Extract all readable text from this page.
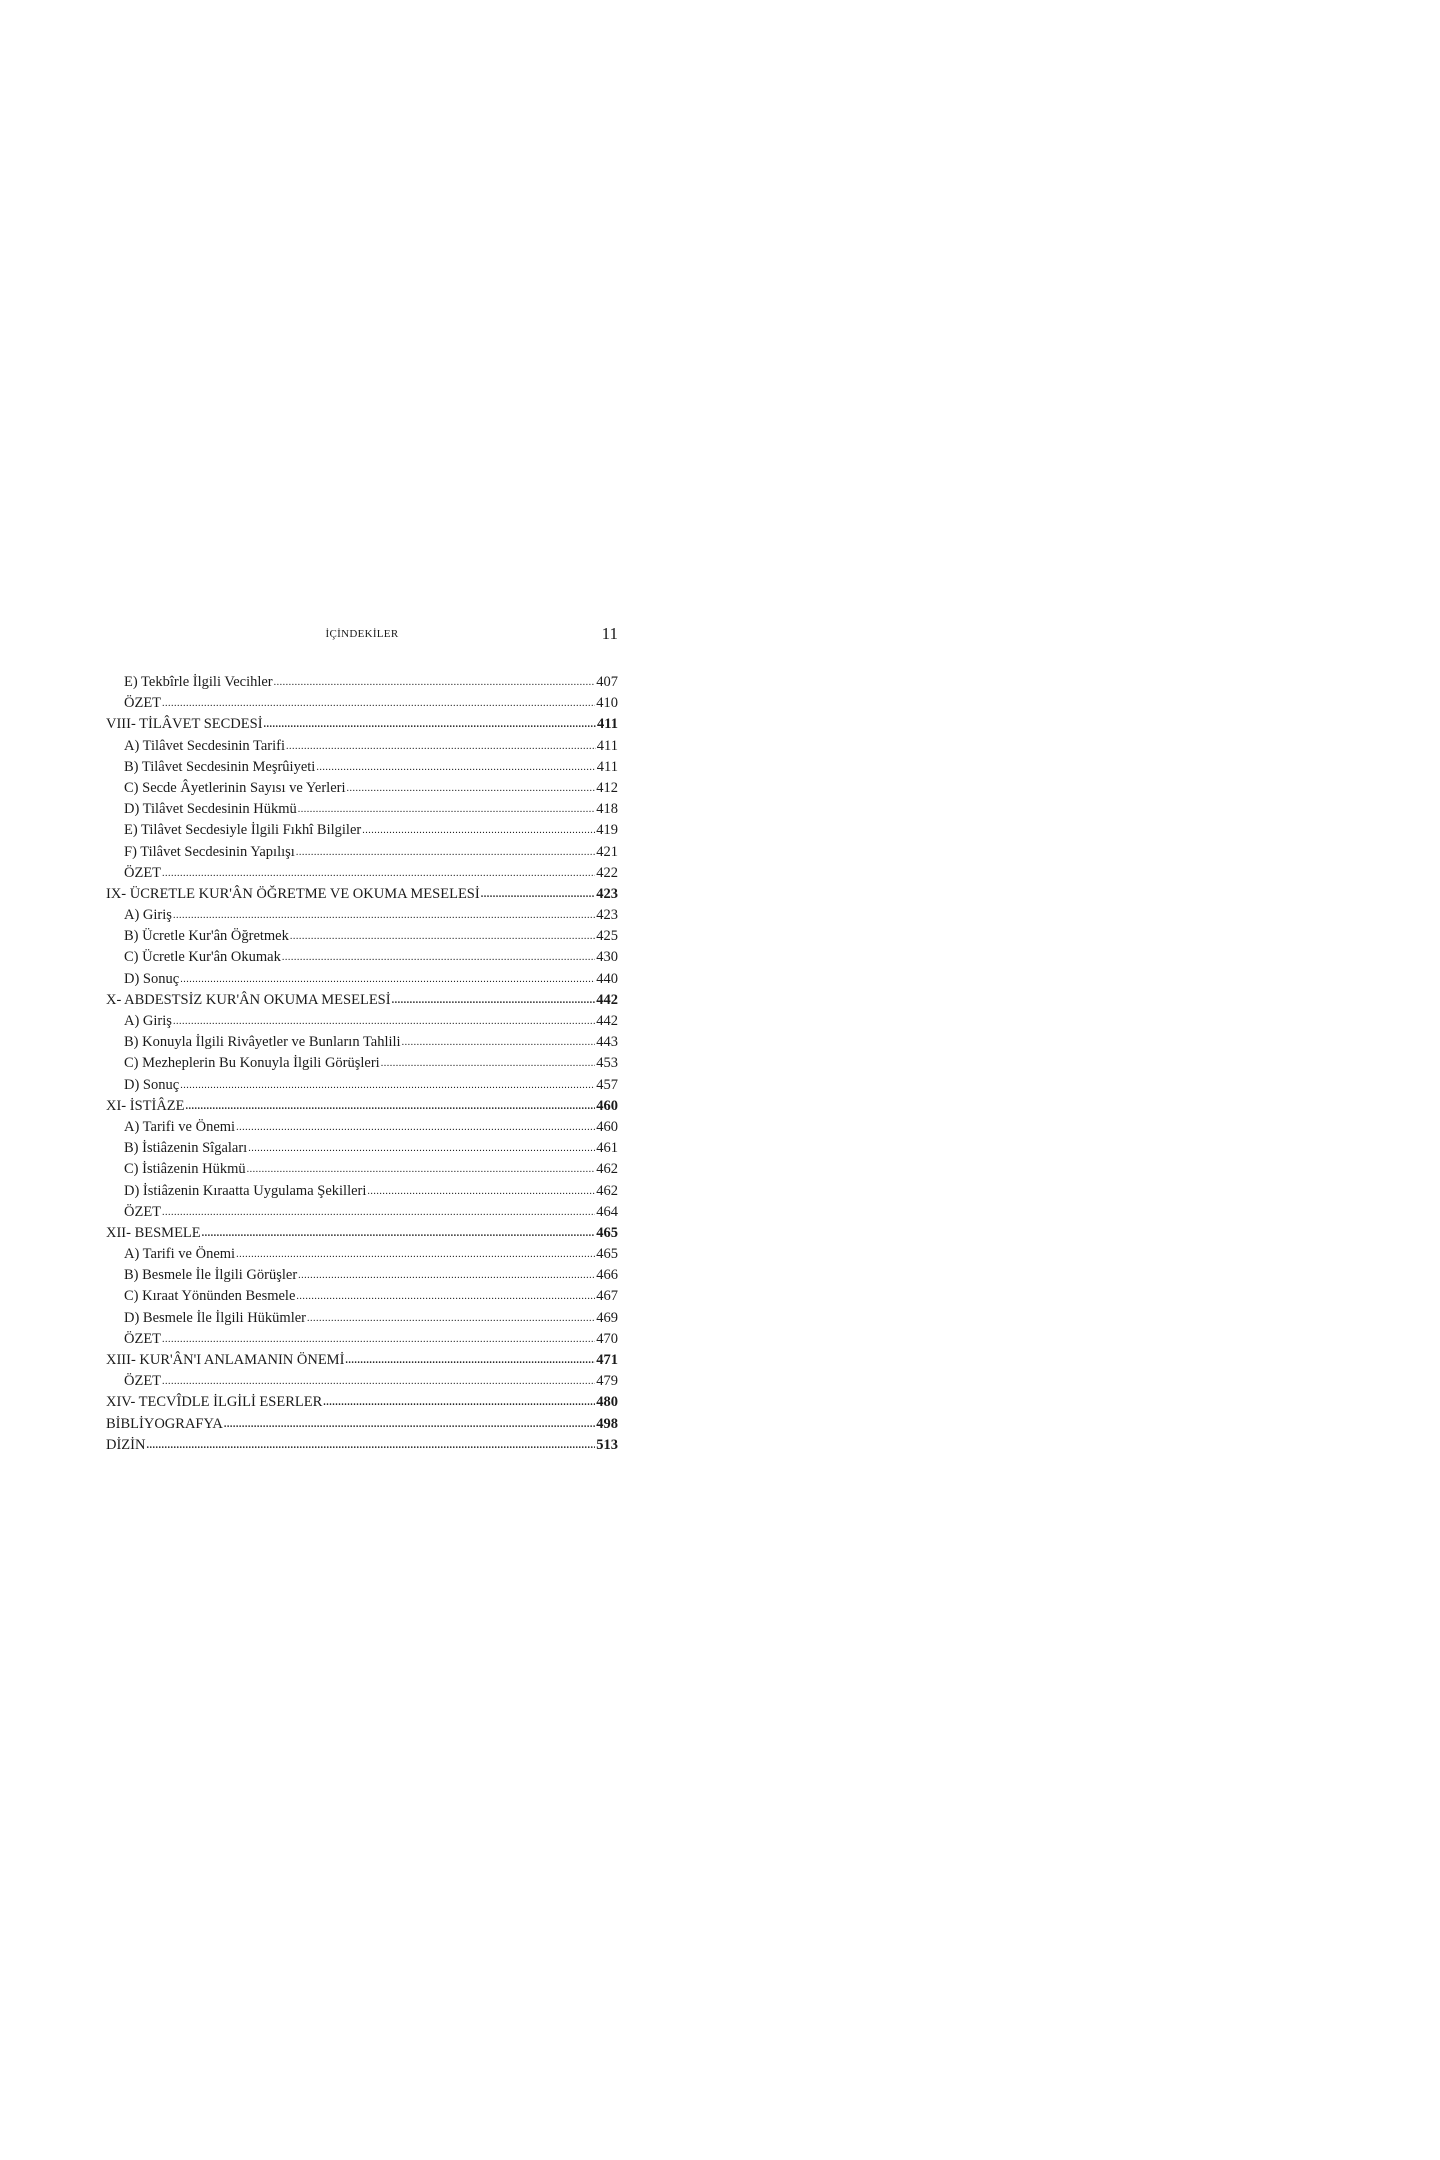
İÇİNDEKİLER	11
E) Tekbîrle İlgili Vecihler .....	407
ÖZET .....	410
VIII- TİLÂVET SECDESİ .....	411
A) Tilâvet Secdesinin Tarifi .....	411
B) Tilâvet Secdesinin Meşrûiyeti .....	411
C) Secde Âyetlerinin Sayısı ve Yerleri .....	412
D) Tilâvet Secdesinin Hükmü .....	418
E) Tilâvet Secdesiyle İlgili Fıkhî Bilgiler .....	419
F) Tilâvet Secdesinin Yapılışı .....	421
ÖZET .....	422
IX- ÜCRETLE KUR'ÂN ÖĞRETME VE OKUMA MESELESİ .....	423
A) Giriş .....	423
B) Ücretle Kur'ân Öğretmek .....	425
C) Ücretle Kur'ân Okumak .....	430
D) Sonuç .....	440
X- ABDESTSİZ KUR'ÂN OKUMA MESELESİ .....	442
A) Giriş .....	442
B) Konuyla İlgili Rivâyetler ve Bunların Tahlili .....	443
C) Mezheplerin Bu Konuyla İlgili Görüşleri .....	453
D) Sonuç .....	457
XI- İSTİÂZE .....	460
A) Tarifi ve Önemi .....	460
B) İstiâzenin Sîgaları .....	461
C) İstiâzenin Hükmü .....	462
D) İstiâzenin Kıraatta Uygulama Şekilleri .....	462
ÖZET .....	464
XII- BESMELE .....	465
A) Tarifi ve Önemi .....	465
B) Besmele İle İlgili Görüşler .....	466
C) Kıraat Yönünden Besmele .....	467
D) Besmele İle İlgili Hükümler .....	469
ÖZET .....	470
XIII- KUR'ÂN'I ANLAMANIN ÖNEMİ .....	471
ÖZET .....	479
XIV- TECVÎDLE İLGİLİ ESERLER .....	480
BİBLİYOGRAFYA .....	498
DİZİN .....	513
